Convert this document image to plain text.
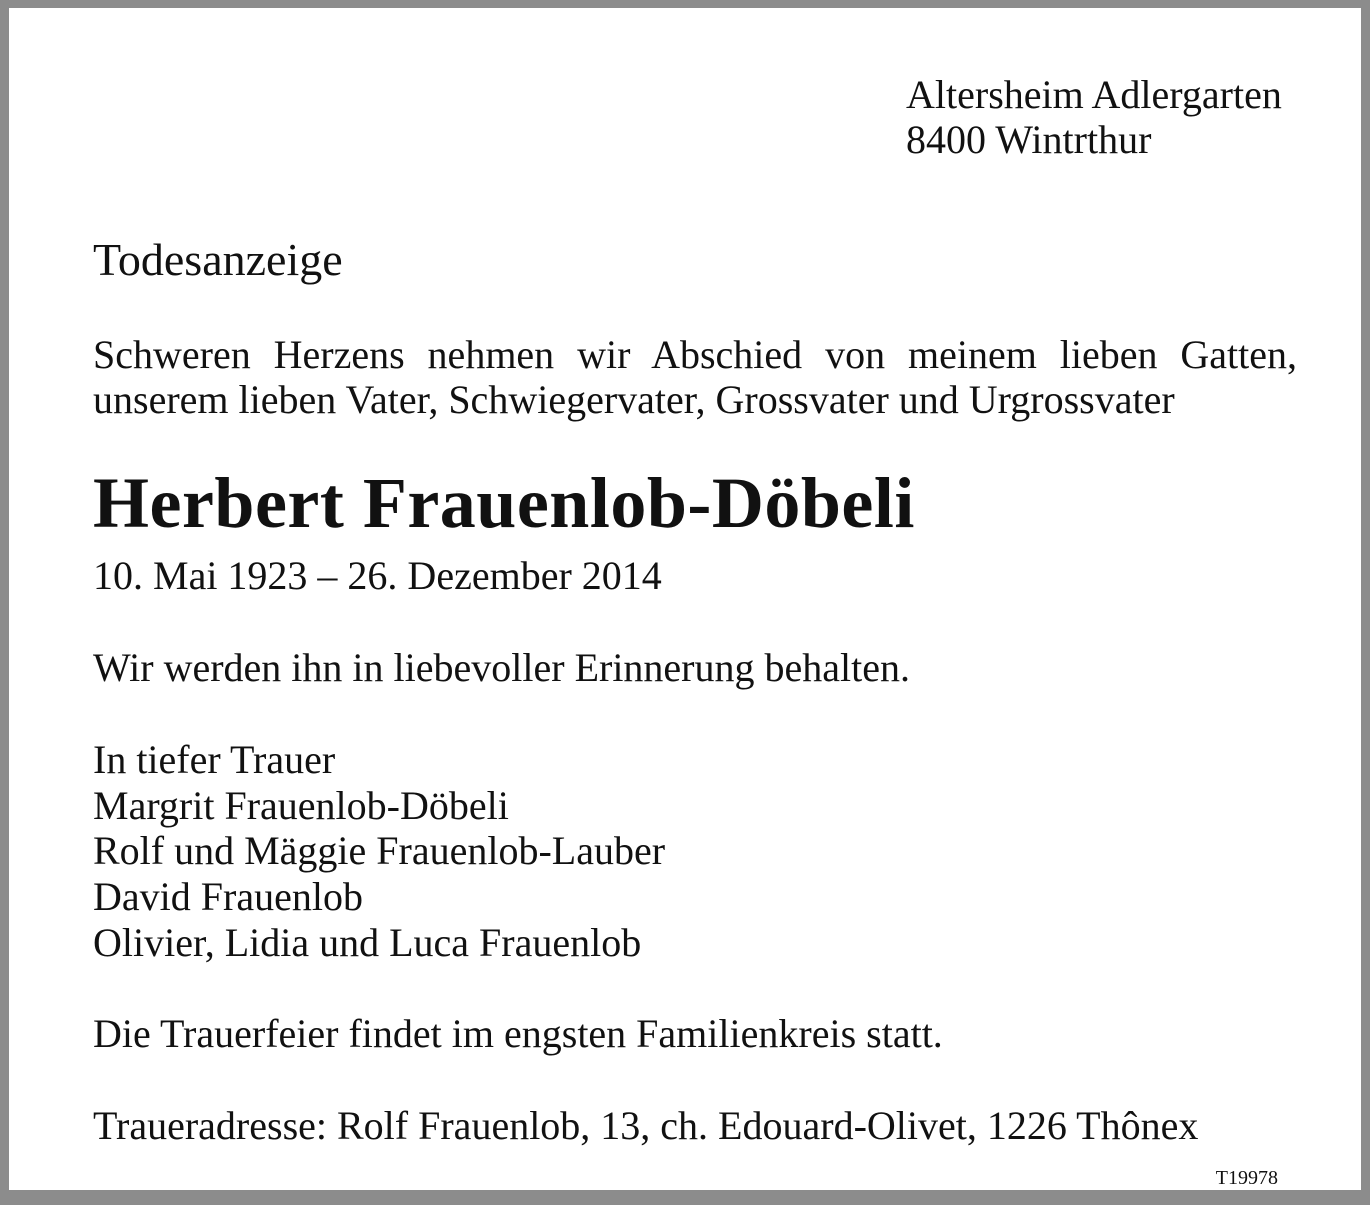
Altersheim Adlergarten

8400 Wintrthur

Todesanzeige

Schweren Herzens nehmen wir Abschied von meinem lieben Gatten,

unserem lieben Vater, Schwiegervater, Grossvater und Urgrossvater

Herbert Frauenlob-Döbeli

10. Mai 1923 – 26. Dezember 2014

Wir werden ihn in liebevoller Erinnerung behalten.

In tiefer Trauer

Margrit Frauenlob-Döbeli

Rolf und Mäggie Frauenlob-Lauber

David Frauenlob

Olivier, Lidia und Luca Frauenlob

Die Trauerfeier findet im engsten Familienkreis statt.

Traueradresse: Rolf Frauenlob, 13, ch. Edouard-Olivet, 1226 Thônex

T19978
